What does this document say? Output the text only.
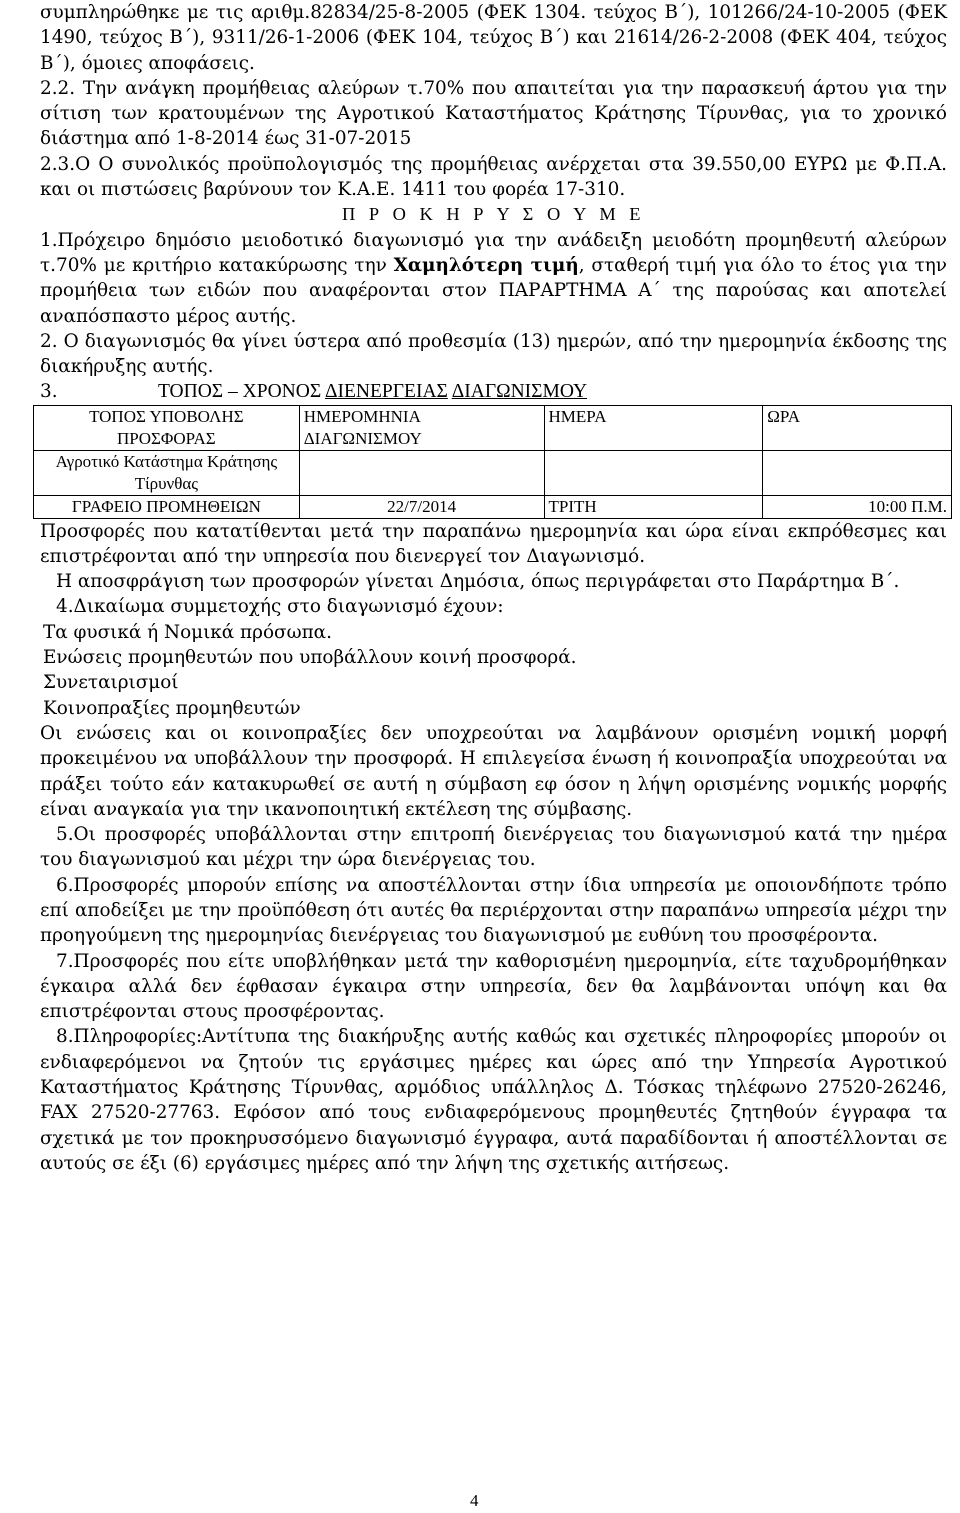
συμπληρώθηκε με τις αριθμ.82834/25-8-2005 (ΦΕΚ 1304. τεύχος Β΄), 101266/24-10-2005 (ΦΕΚ 1490, τεύχος Β΄), 9311/26-1-2006 (ΦΕΚ 104, τεύχος Β΄) και 21614/26-2-2008 (ΦΕΚ 404, τεύχος Β΄), όμοιες αποφάσεις.

2.2. Την ανάγκη προμήθειας αλεύρων τ.70% που απαιτείται για την παρασκευή άρτου για την σίτιση των κρατουμένων της Αγροτικού Καταστήματος Κράτησης Τίρυνθας, για το χρονικό διάστημα από 1-8-2014 έως 31-07-2015

2.3.Ο Ο συνολικός προϋπολογισμός της προμήθειας ανέρχεται στα 39.550,00 ΕΥΡΩ με Φ.Π.Α. και οι πιστώσεις βαρύνουν τον Κ.Α.Ε. 1411 του φορέα 17-310.

Π Ρ Ο Κ Η Ρ Υ Σ Ο Υ Μ Ε

1.Πρόχειρο δημόσιο μειοδοτικό διαγωνισμό για την ανάδειξη μειοδότη προμηθευτή αλεύρων τ.70% με κριτήριο κατακύρωσης την Χαμηλότερη τιμή, σταθερή τιμή για όλο το έτος για την προμήθεια των ειδών που αναφέρονται στον ΠΑΡΑΡΤΗΜΑ Α΄ της παρούσας και αποτελεί αναπόσπαστο μέρος αυτής.

2. Ο διαγωνισμός θα γίνει ύστερα από προθεσμία (13) ημερών, από την ημερομηνία έκδοσης της διακήρυξης αυτής.

3.	ΤΟΠΟΣ – ΧΡΟΝΟΣ ΔΙΕΝΕΡΓΕΙΑΣ ΔΙΑΓΩΝΙΣΜΟΥ
ΤΟΠΟΣ ΥΠΟΒΟΛΗΣ ΠΡΟΣΦΟΡΑΣ	ΗΜΕΡΟΜΗΝΙΑ ΔΙΑΓΩΝΙΣΜΟΥ	ΗΜΕΡΑ	ΩΡΑ
Αγροτικό Κατάστημα Κράτησης Τίρυνθας			
ΓΡΑΦΕΙΟ ΠΡΟΜΗΘΕΙΩΝ	22/7/2014	ΤΡΙΤΗ	10:00 Π.Μ.

Προσφορές που κατατίθενται μετά την παραπάνω ημερομηνία και ώρα είναι εκπρόθεσμες και επιστρέφονται από την υπηρεσία που διενεργεί τον Διαγωνισμό.

Η αποσφράγιση των προσφορών γίνεται Δημόσια, όπως περιγράφεται στο Παράρτημα Β΄.

4.Δικαίωμα συμμετοχής στο διαγωνισμό έχουν:

Τα φυσικά ή Νομικά πρόσωπα.

Ενώσεις προμηθευτών που υποβάλλουν κοινή προσφορά.

Συνεταιρισμοί

Κοινοπραξίες προμηθευτών

Οι ενώσεις και οι κοινοπραξίες δεν υποχρεούται να λαμβάνουν ορισμένη νομική μορφή προκειμένου να υποβάλλουν την προσφορά. Η επιλεγείσα ένωση ή κοινοπραξία υποχρεούται να πράξει τούτο εάν κατακυρωθεί σε αυτή η σύμβαση εφ όσον η λήψη ορισμένης νομικής μορφής είναι αναγκαία για την ικανοποιητική εκτέλεση της σύμβασης.

5.Οι προσφορές υποβάλλονται στην επιτροπή διενέργειας του διαγωνισμού κατά την ημέρα του διαγωνισμού και μέχρι την ώρα διενέργειας του.

6.Προσφορές μπορούν επίσης να αποστέλλονται στην ίδια υπηρεσία με οποιονδήποτε τρόπο επί αποδείξει με την προϋπόθεση ότι αυτές θα περιέρχονται στην παραπάνω υπηρεσία μέχρι την προηγούμενη της ημερομηνίας διενέργειας του διαγωνισμού με ευθύνη του προσφέροντα.

7.Προσφορές που είτε υποβλήθηκαν μετά την καθορισμένη ημερομηνία, είτε ταχυδρομήθηκαν έγκαιρα αλλά δεν έφθασαν έγκαιρα στην υπηρεσία, δεν θα λαμβάνονται υπόψη και θα επιστρέφονται στους προσφέροντας.

8.Πληροφορίες:Αντίτυπα της διακήρυξης αυτής καθώς και σχετικές πληροφορίες μπορούν οι ενδιαφερόμενοι να ζητούν τις εργάσιμες ημέρες και ώρες από την Υπηρεσία Αγροτικού Καταστήματος Κράτησης Τίρυνθας, αρμόδιος υπάλληλος Δ. Τόσκας τηλέφωνο 27520-26246, FAX 27520-27763. Εφόσον από τους ενδιαφερόμενους προμηθευτές ζητηθούν έγγραφα τα σχετικά με τον προκηρυσσόμενο διαγωνισμό έγγραφα, αυτά παραδίδονται ή αποστέλλονται σε αυτούς σε έξι (6) εργάσιμες ημέρες από την λήψη της σχετικής αιτήσεως.

4
